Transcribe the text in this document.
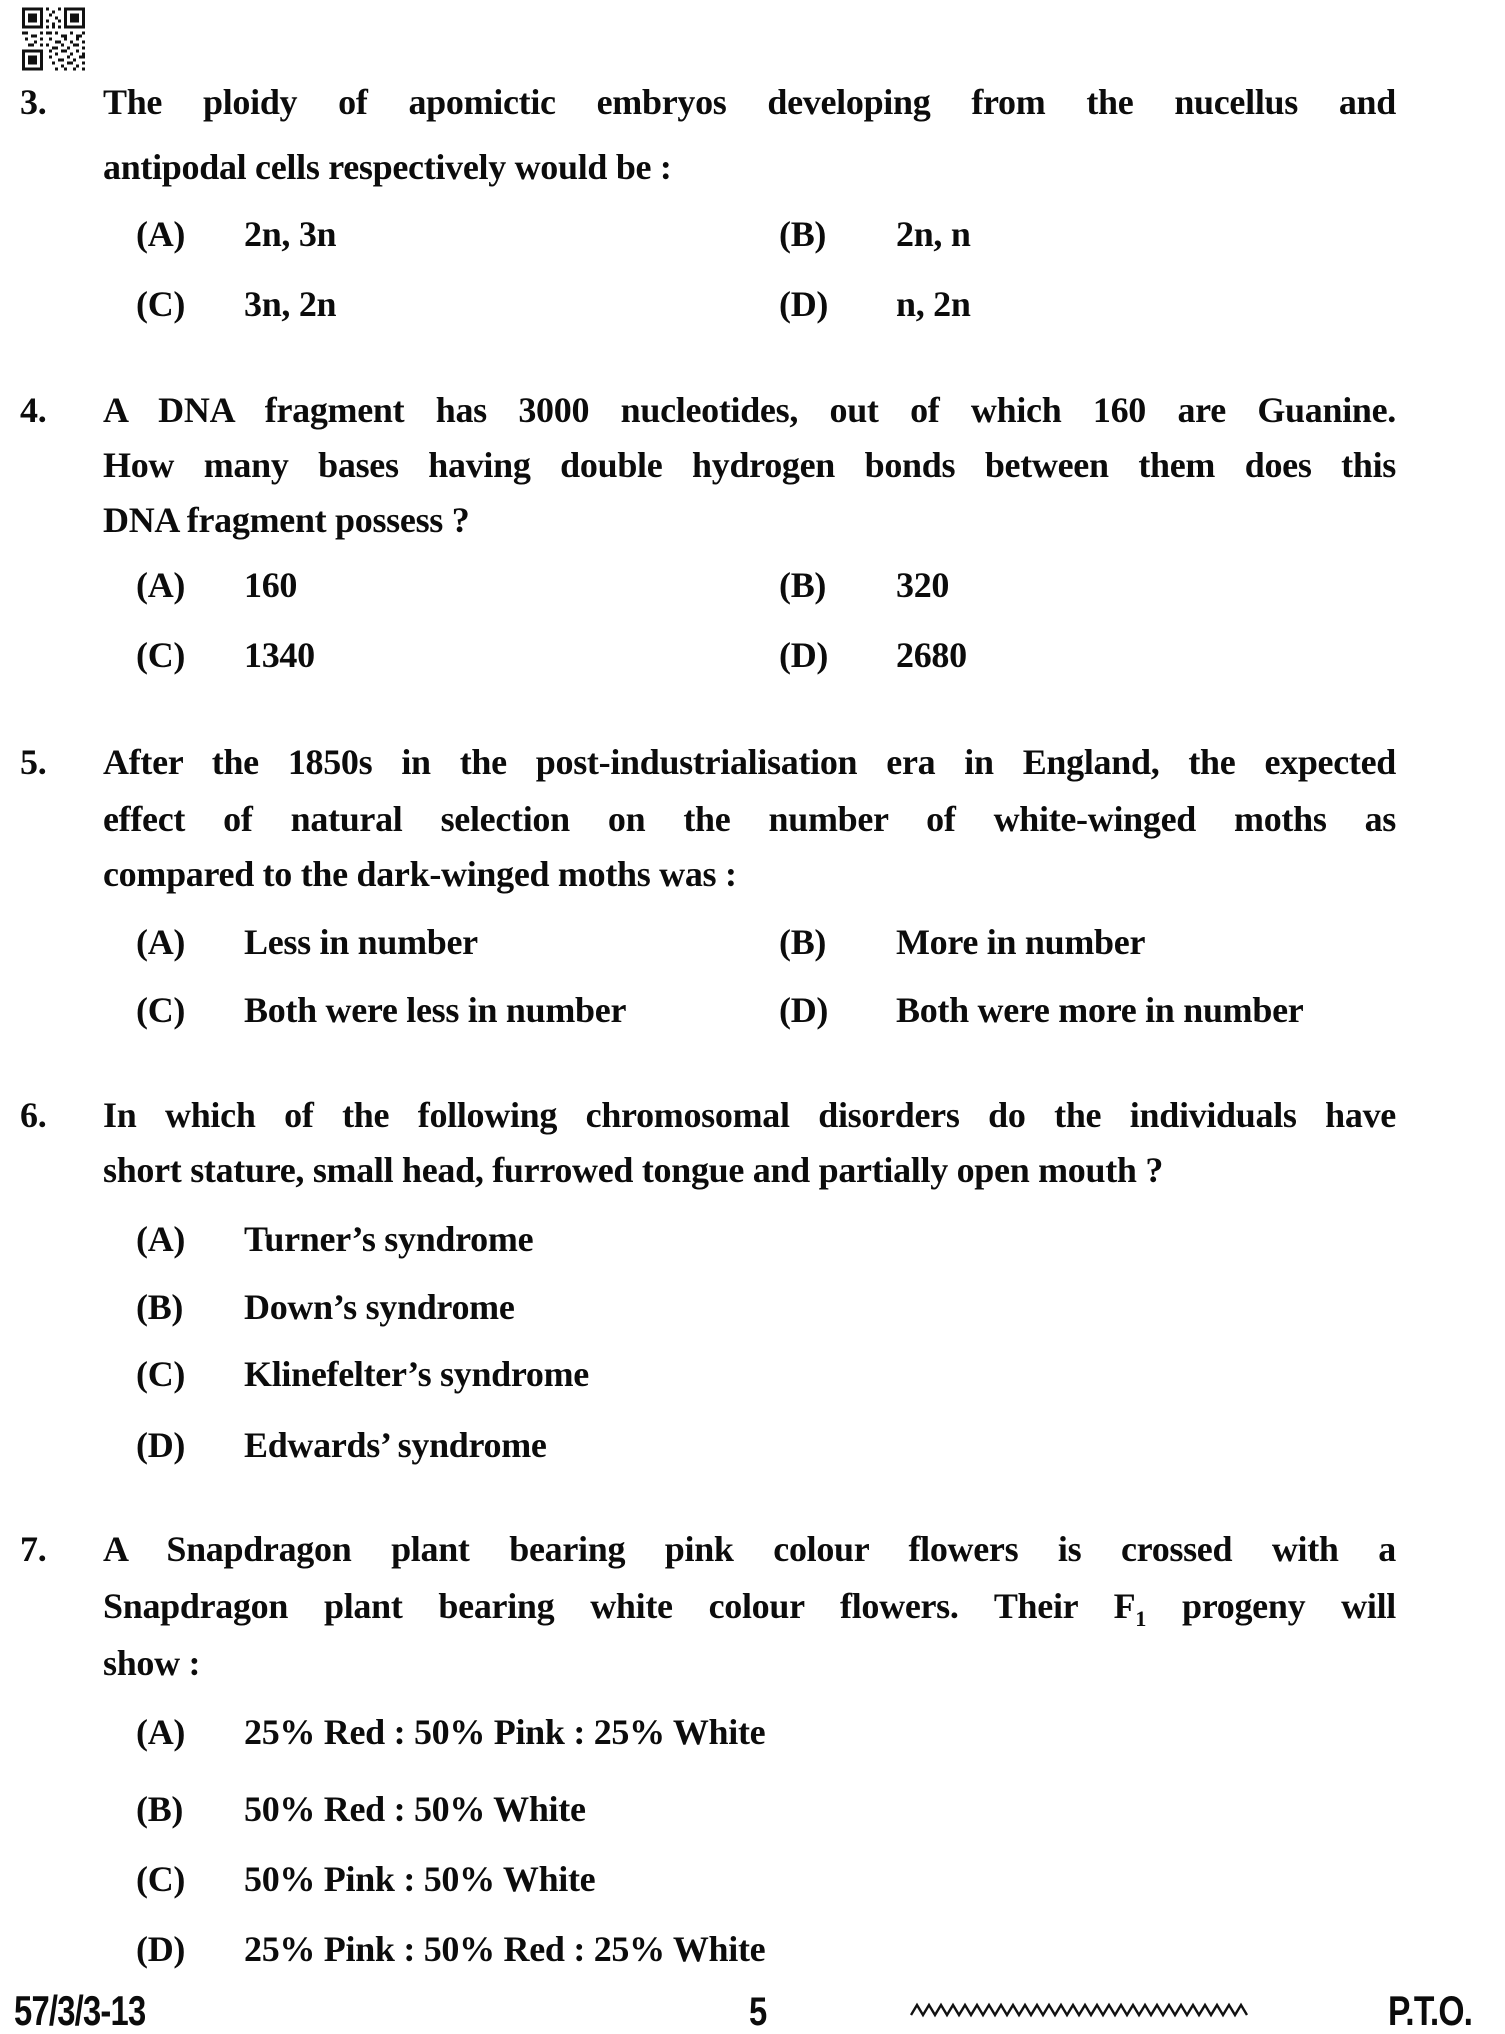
3.	The ploidy of apomictic embryos developing from the nucellus and
antipodal cells respectively would be :
(A) 2n, 3n	(B) 2n, n
(C) 3n, 2n	(D) n, 2n
4.	A DNA fragment has 3000 nucleotides, out of which 160 are Guanine.
How many bases having double hydrogen bonds between them does this
DNA fragment possess ?
(A) 160	(B) 320
(C) 1340	(D) 2680
5.	After the 1850s in the post-industrialisation era in England, the expected
effect of natural selection on the number of white-winged moths as
compared to the dark-winged moths was :
(A) Less in number	(B) More in number
(C) Both were less in number	(D) Both were more in number
6.	In which of the following chromosomal disorders do the individuals have
short stature, small head, furrowed tongue and partially open mouth ?
(A) Turner’s syndrome
(B) Down’s syndrome
(C) Klinefelter’s syndrome
(D) Edwards’ syndrome
7.	A Snapdragon plant bearing pink colour flowers is crossed with a
Snapdragon plant bearing white colour flowers. Their $F_1$ progeny will
show :
(A) 25% Red : 50% Pink : 25% White
(B) 50% Red : 50% White
(C) 50% Pink : 50% White
(D) 25% Pink : 50% Red : 25% White
57/3/3-13	5	P.T.O.
